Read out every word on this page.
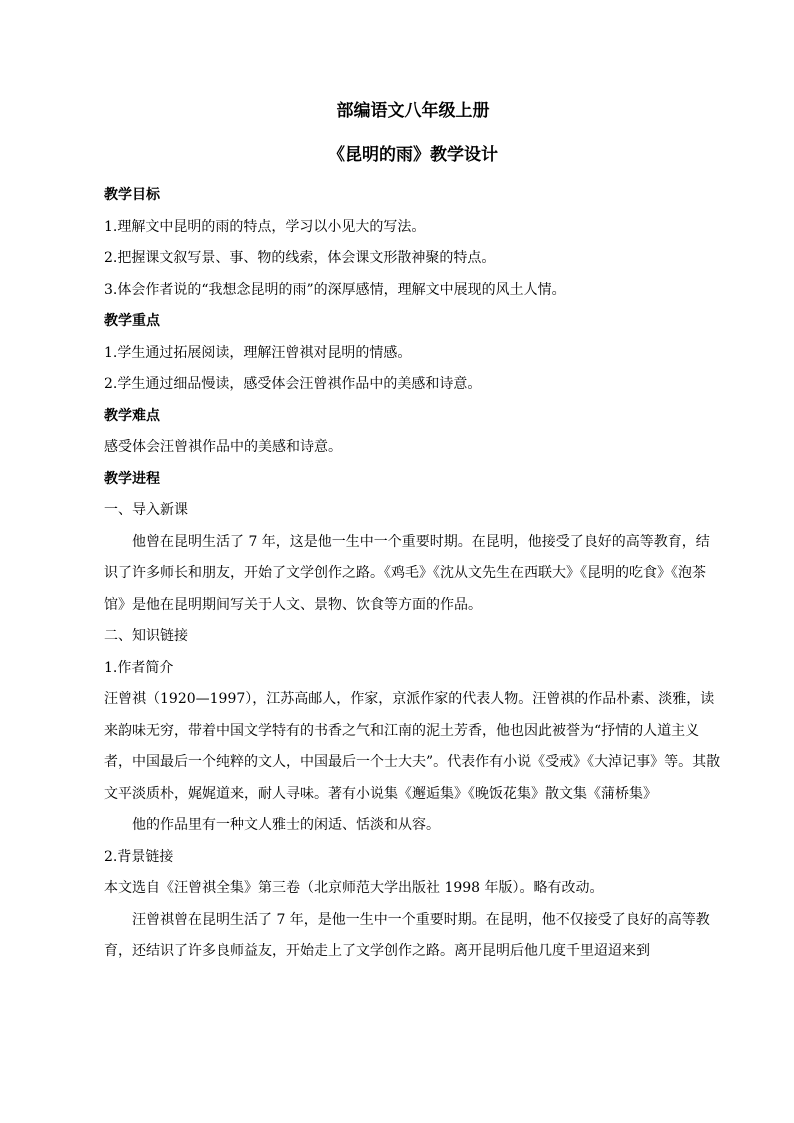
部编语文八年级上册

《昆明的雨》教学设计

教学目标

1.理解文中昆明的雨的特点，学习以小见大的写法。

2.把握课文叙写景、事、物的线索，体会课文形散神聚的特点。

3.体会作者说的“我想念昆明的雨”的深厚感情，理解文中展现的风土人情。

教学重点

1.学生通过拓展阅读，理解汪曾祺对昆明的情感。

2.学生通过细品慢读，感受体会汪曾祺作品中的美感和诗意。

教学难点

感受体会汪曾祺作品中的美感和诗意。

教学进程

一、导入新课

他曾在昆明生活了 7 年，这是他一生中一个重要时期。在昆明，他接受了良好的高等教育，结识了许多师长和朋友，开始了文学创作之路。《鸡毛》《沈从文先生在西联大》《昆明的吃食》《泡茶馆》是他在昆明期间写关于人文、景物、饮食等方面的作品。

二、知识链接

1.作者简介

汪曾祺（1920—1997），江苏高邮人，作家，京派作家的代表人物。汪曾祺的作品朴素、淡雅，读来韵味无穷，带着中国文学特有的书香之气和江南的泥土芳香，他也因此被誉为“抒情的人道主义者，中国最后一个纯粹的文人，中国最后一个士大夫”。代表作有小说《受戒》《大淖记事》等。其散文平淡质朴，娓娓道来，耐人寻味。著有小说集《邂逅集》《晚饭花集》散文集《蒲桥集》

他的作品里有一种文人雅士的闲适、恬淡和从容。

2.背景链接

本文选自《汪曾祺全集》第三卷（北京师范大学出版社 1998 年版）。略有改动。

汪曾祺曾在昆明生活了 7 年，是他一生中一个重要时期。在昆明，他不仅接受了良好的高等教育，还结识了许多良师益友，开始走上了文学创作之路。离开昆明后他几度千里迢迢来到
